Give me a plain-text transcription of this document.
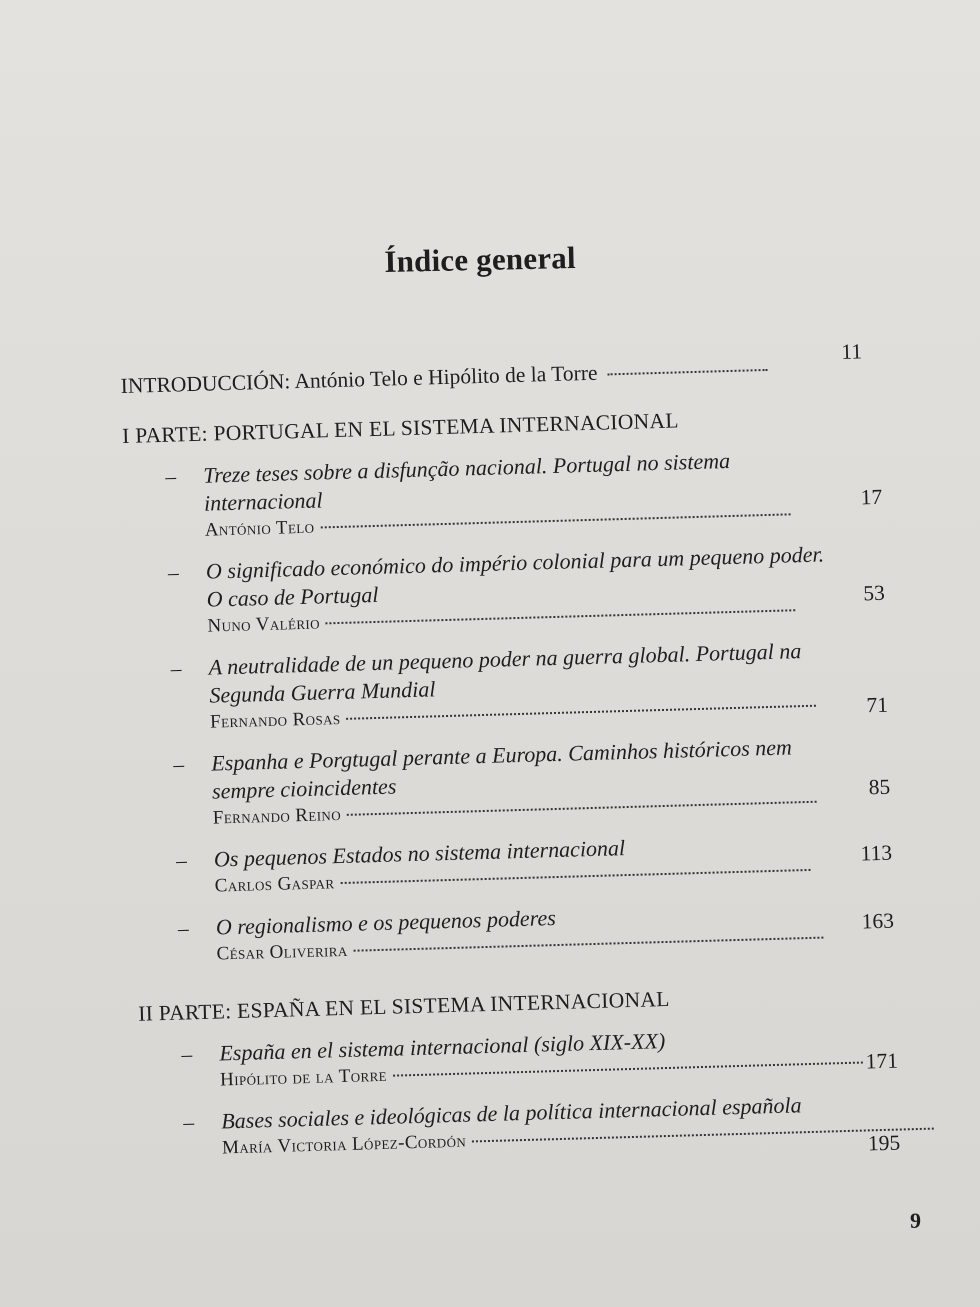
Índice general
INTRODUCCIÓN: António Telo e Hipólito de la Torre
11
I PARTE: PORTUGAL EN EL SISTEMA INTERNACIONAL
– Treze teses sobre a disfunção nacional. Portugal no sistema internacional
António Telo
17
– O significado económico do império colonial para um pequeno poder. O caso de Portugal
Nuno Valério
53
– A neutralidade de un pequeno poder na guerra global. Portugal na Segunda Guerra Mundial
Fernando Rosas
71
– Espanha e Porgtugal perante a Europa. Caminhos históricos nem sempre cioincidentes
Fernando Reino
85
– Os pequenos Estados no sistema internacional
Carlos Gaspar
113
– O regionalismo e os pequenos poderes
César Oliverira
163
II PARTE: ESPAÑA EN EL SISTEMA INTERNACIONAL
– España en el sistema internacional (siglo XIX-XX)
Hipólito de la Torre
171
– Bases sociales e ideológicas de la política internacional española
María Victoria López-Cordón	195
9
